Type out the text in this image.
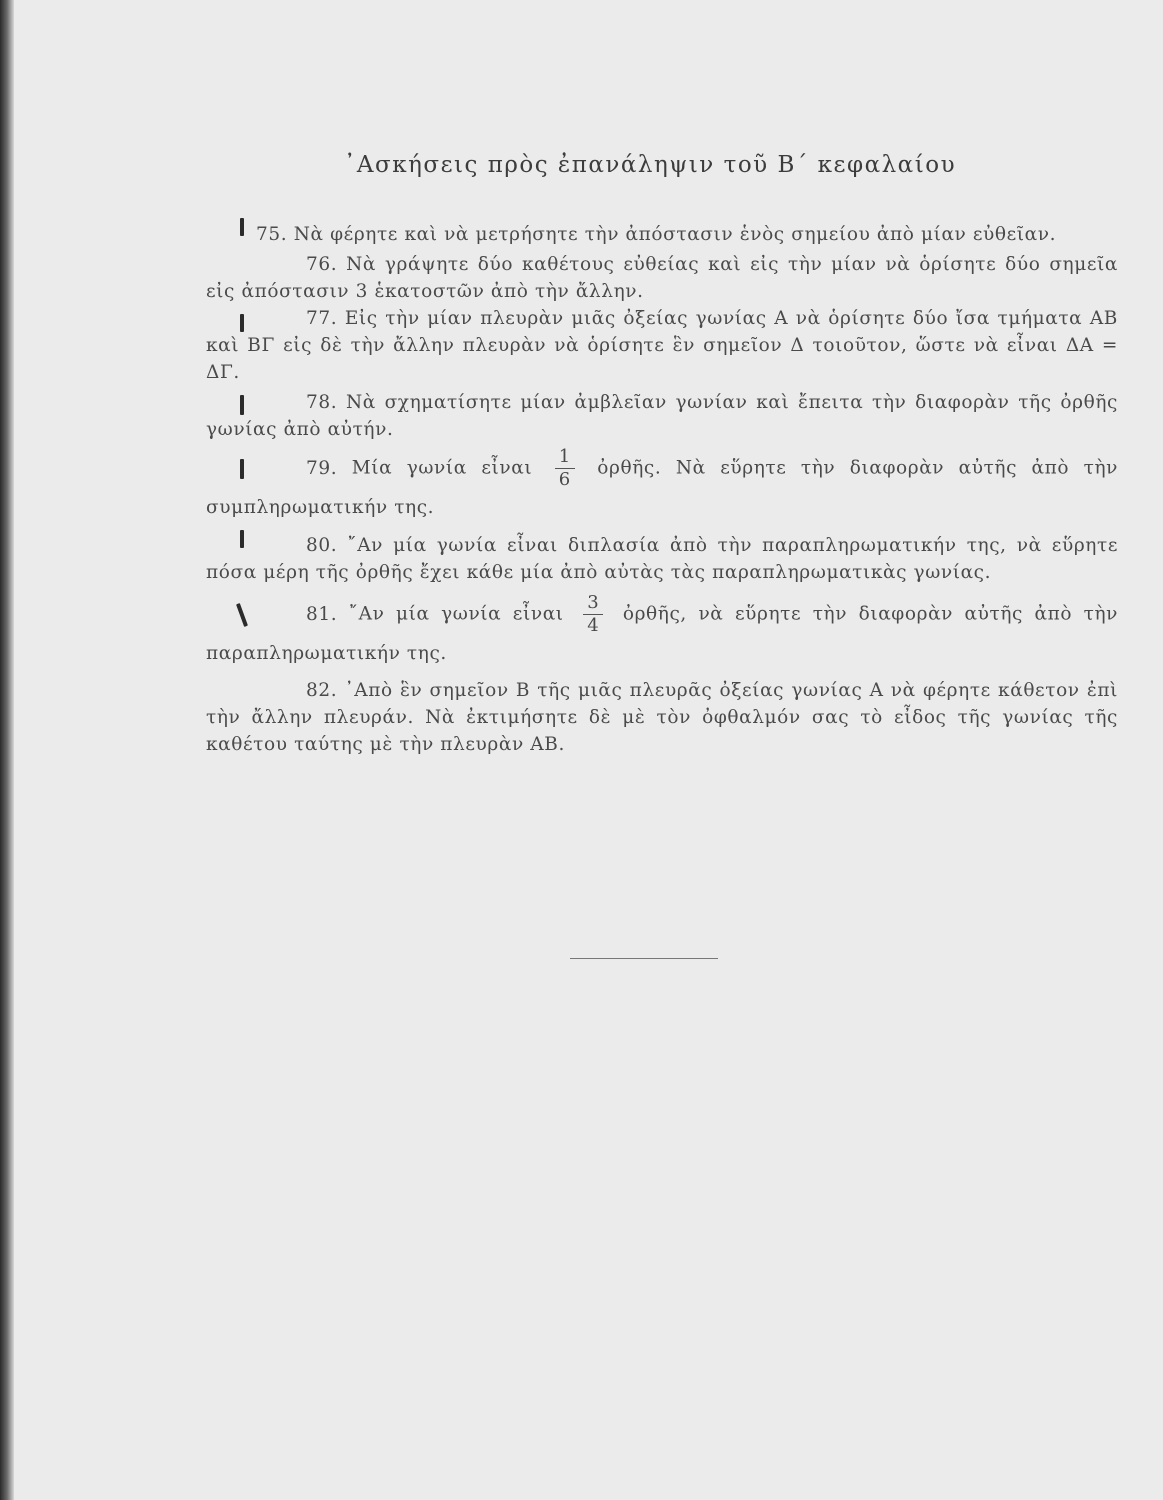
᾿Ασκήσεις πρὸς ἐπανάληψιν τοῦ Β΄ κεφαλαίου
75. Νὰ φέρητε καὶ νὰ μετρήσητε τὴν ἀπόστασιν ἑνὸς σημείου ἀπὸ μίαν εὐθεῖαν.
76. Νὰ γράψητε δύο καθέτους εὐθείας καὶ εἰς τὴν μίαν νὰ ὁρίσητε δύο σημεῖα εἰς ἀπόστασιν 3 ἑκατοστῶν ἀπὸ τὴν ἄλλην.
77. Εἰς τὴν μίαν πλευρὰν μιᾶς ὀξείας γωνίας Α νὰ ὁρίσητε δύο ἴσα τμήματα ΑΒ καὶ ΒΓ εἰς δὲ τὴν ἄλλην πλευρὰν νὰ ὁρίσητε ἓν σημεῖον Δ τοιοῦτον, ὥστε νὰ εἶναι ΔΑ = ΔΓ.
78. Νὰ σχηματίσητε μίαν ἀμβλεῖαν γωνίαν καὶ ἔπειτα τὴν διαφορὰν τῆς ὀρθῆς γωνίας ἀπὸ αὐτήν.
79. Μία γωνία εἶναι $\frac{1}{6}$ ὀρθῆς. Νὰ εὕρητε τὴν διαφορὰν αὐτῆς ἀπὸ τὴν συμπληρωματικήν της.
80. ῎Αν μία γωνία εἶναι διπλασία ἀπὸ τὴν παραπληρωματικήν της, νὰ εὕρητε πόσα μέρη τῆς ὀρθῆς ἔχει κάθε μία ἀπὸ αὐτὰς τὰς παραπληρωματικὰς γωνίας.
81. ῎Αν μία γωνία εἶναι $\frac{3}{4}$ ὀρθῆς, νὰ εὕρητε τὴν διαφορὰν αὐτῆς ἀπὸ τὴν παραπληρωματικήν της.
82. ᾿Απὸ ἓν σημεῖον Β τῆς μιᾶς πλευρᾶς ὀξείας γωνίας Α νὰ φέρητε κάθετον ἐπὶ τὴν ἄλλην πλευράν. Νὰ ἐκτιμήσητε δὲ μὲ τὸν ὀφθαλμόν σας τὸ εἶδος τῆς γωνίας τῆς καθέτου ταύτης μὲ τὴν πλευρὰν ΑΒ.
